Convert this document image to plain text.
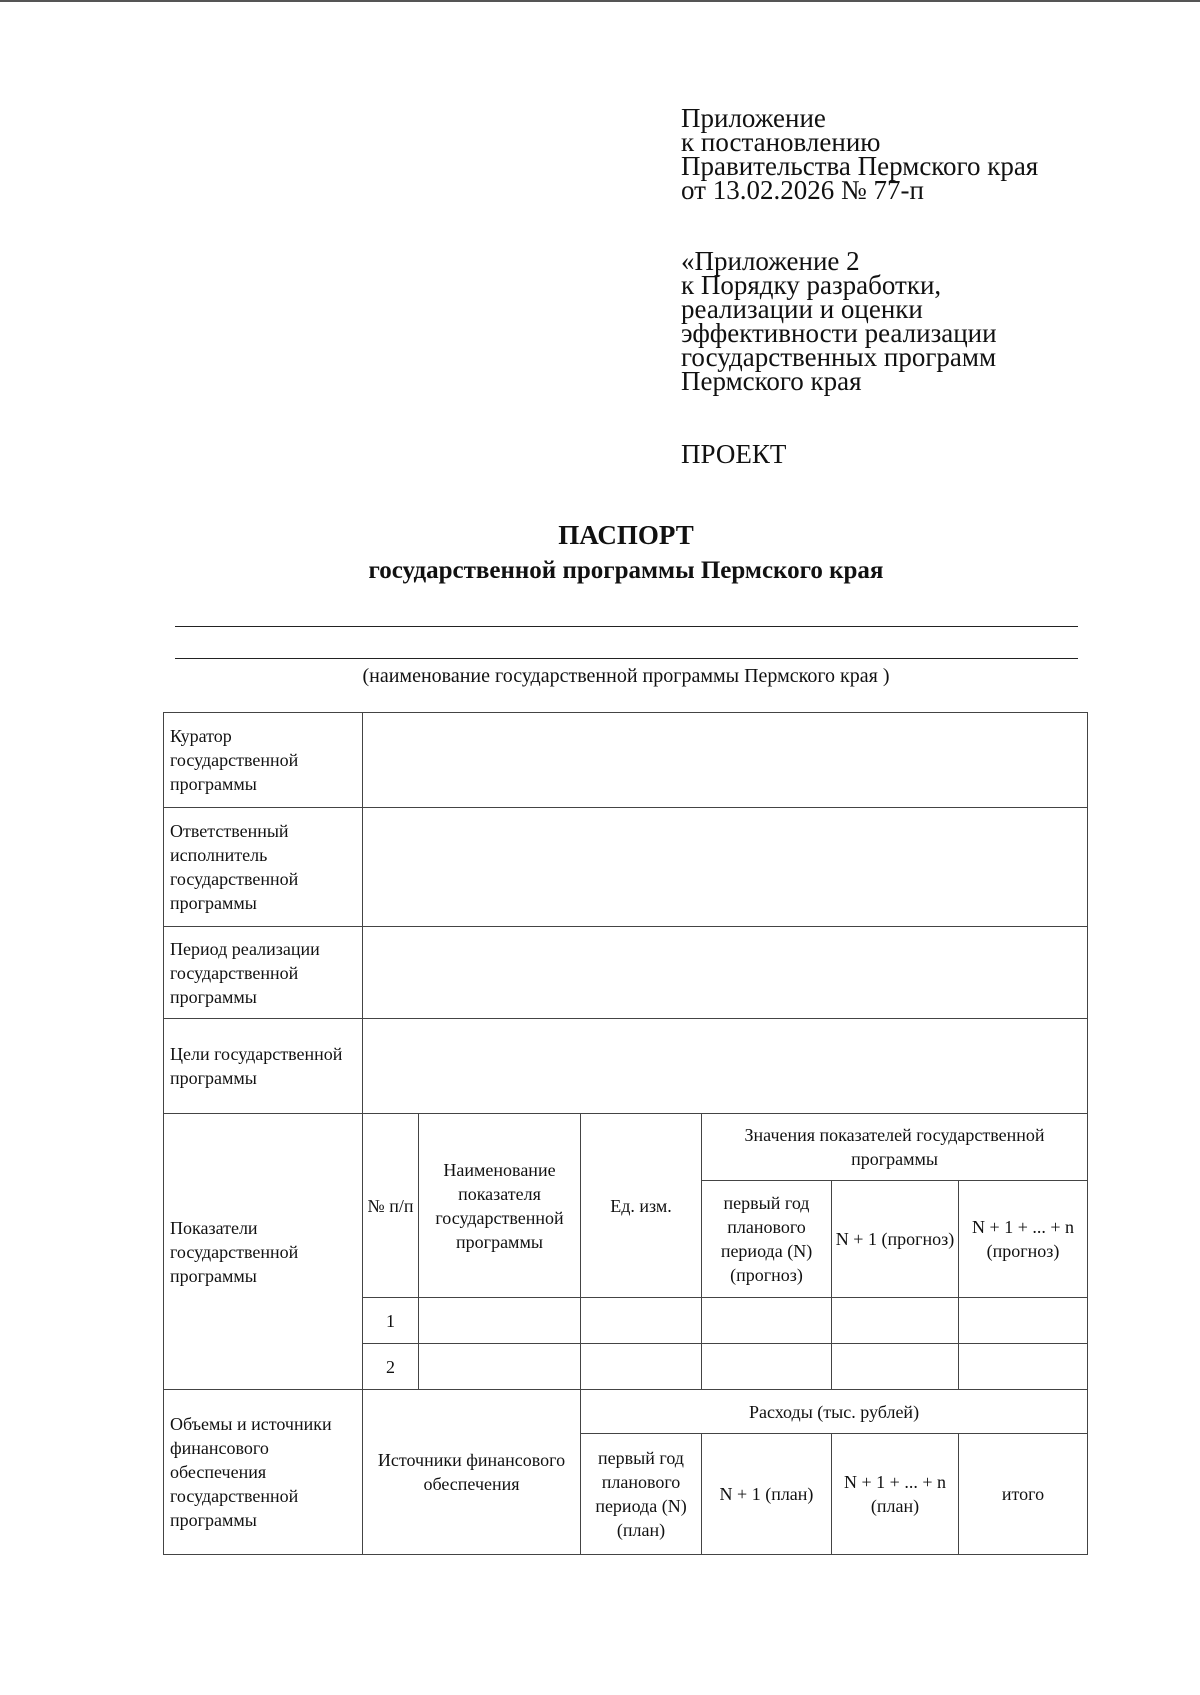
Приложение
к постановлению
Правительства Пермского края
от 13.02.2026 № 77-п
«Приложение 2
к Порядку разработки,
реализации и оценки
эффективности реализации
государственных программ
Пермского края
ПРОЕКТ
ПАСПОРТ
государственной программы Пермского края
(наименование государственной программы Пермского края )
Куратор государственной программы						
Ответственный исполнитель государственной программы						
Период реализации государственной программы						
Цели государственной программы						
Показатели государственной программы	№ п/п	Наименование показателя государственной программы	Ед. изм.	Значения показателей государственной программы		
				первый год планового периода (N) (прогноз)	N + 1 (прогноз)	N + 1 + ... + n (прогноз)
	1					
	2					
Объемы и источники финансового обеспечения государственной программы	Источники финансового обеспечения		Расходы (тыс. рублей)			
			первый год планового периода (N) (план)	N + 1 (план)	N + 1 + ... + n (план)	итого
